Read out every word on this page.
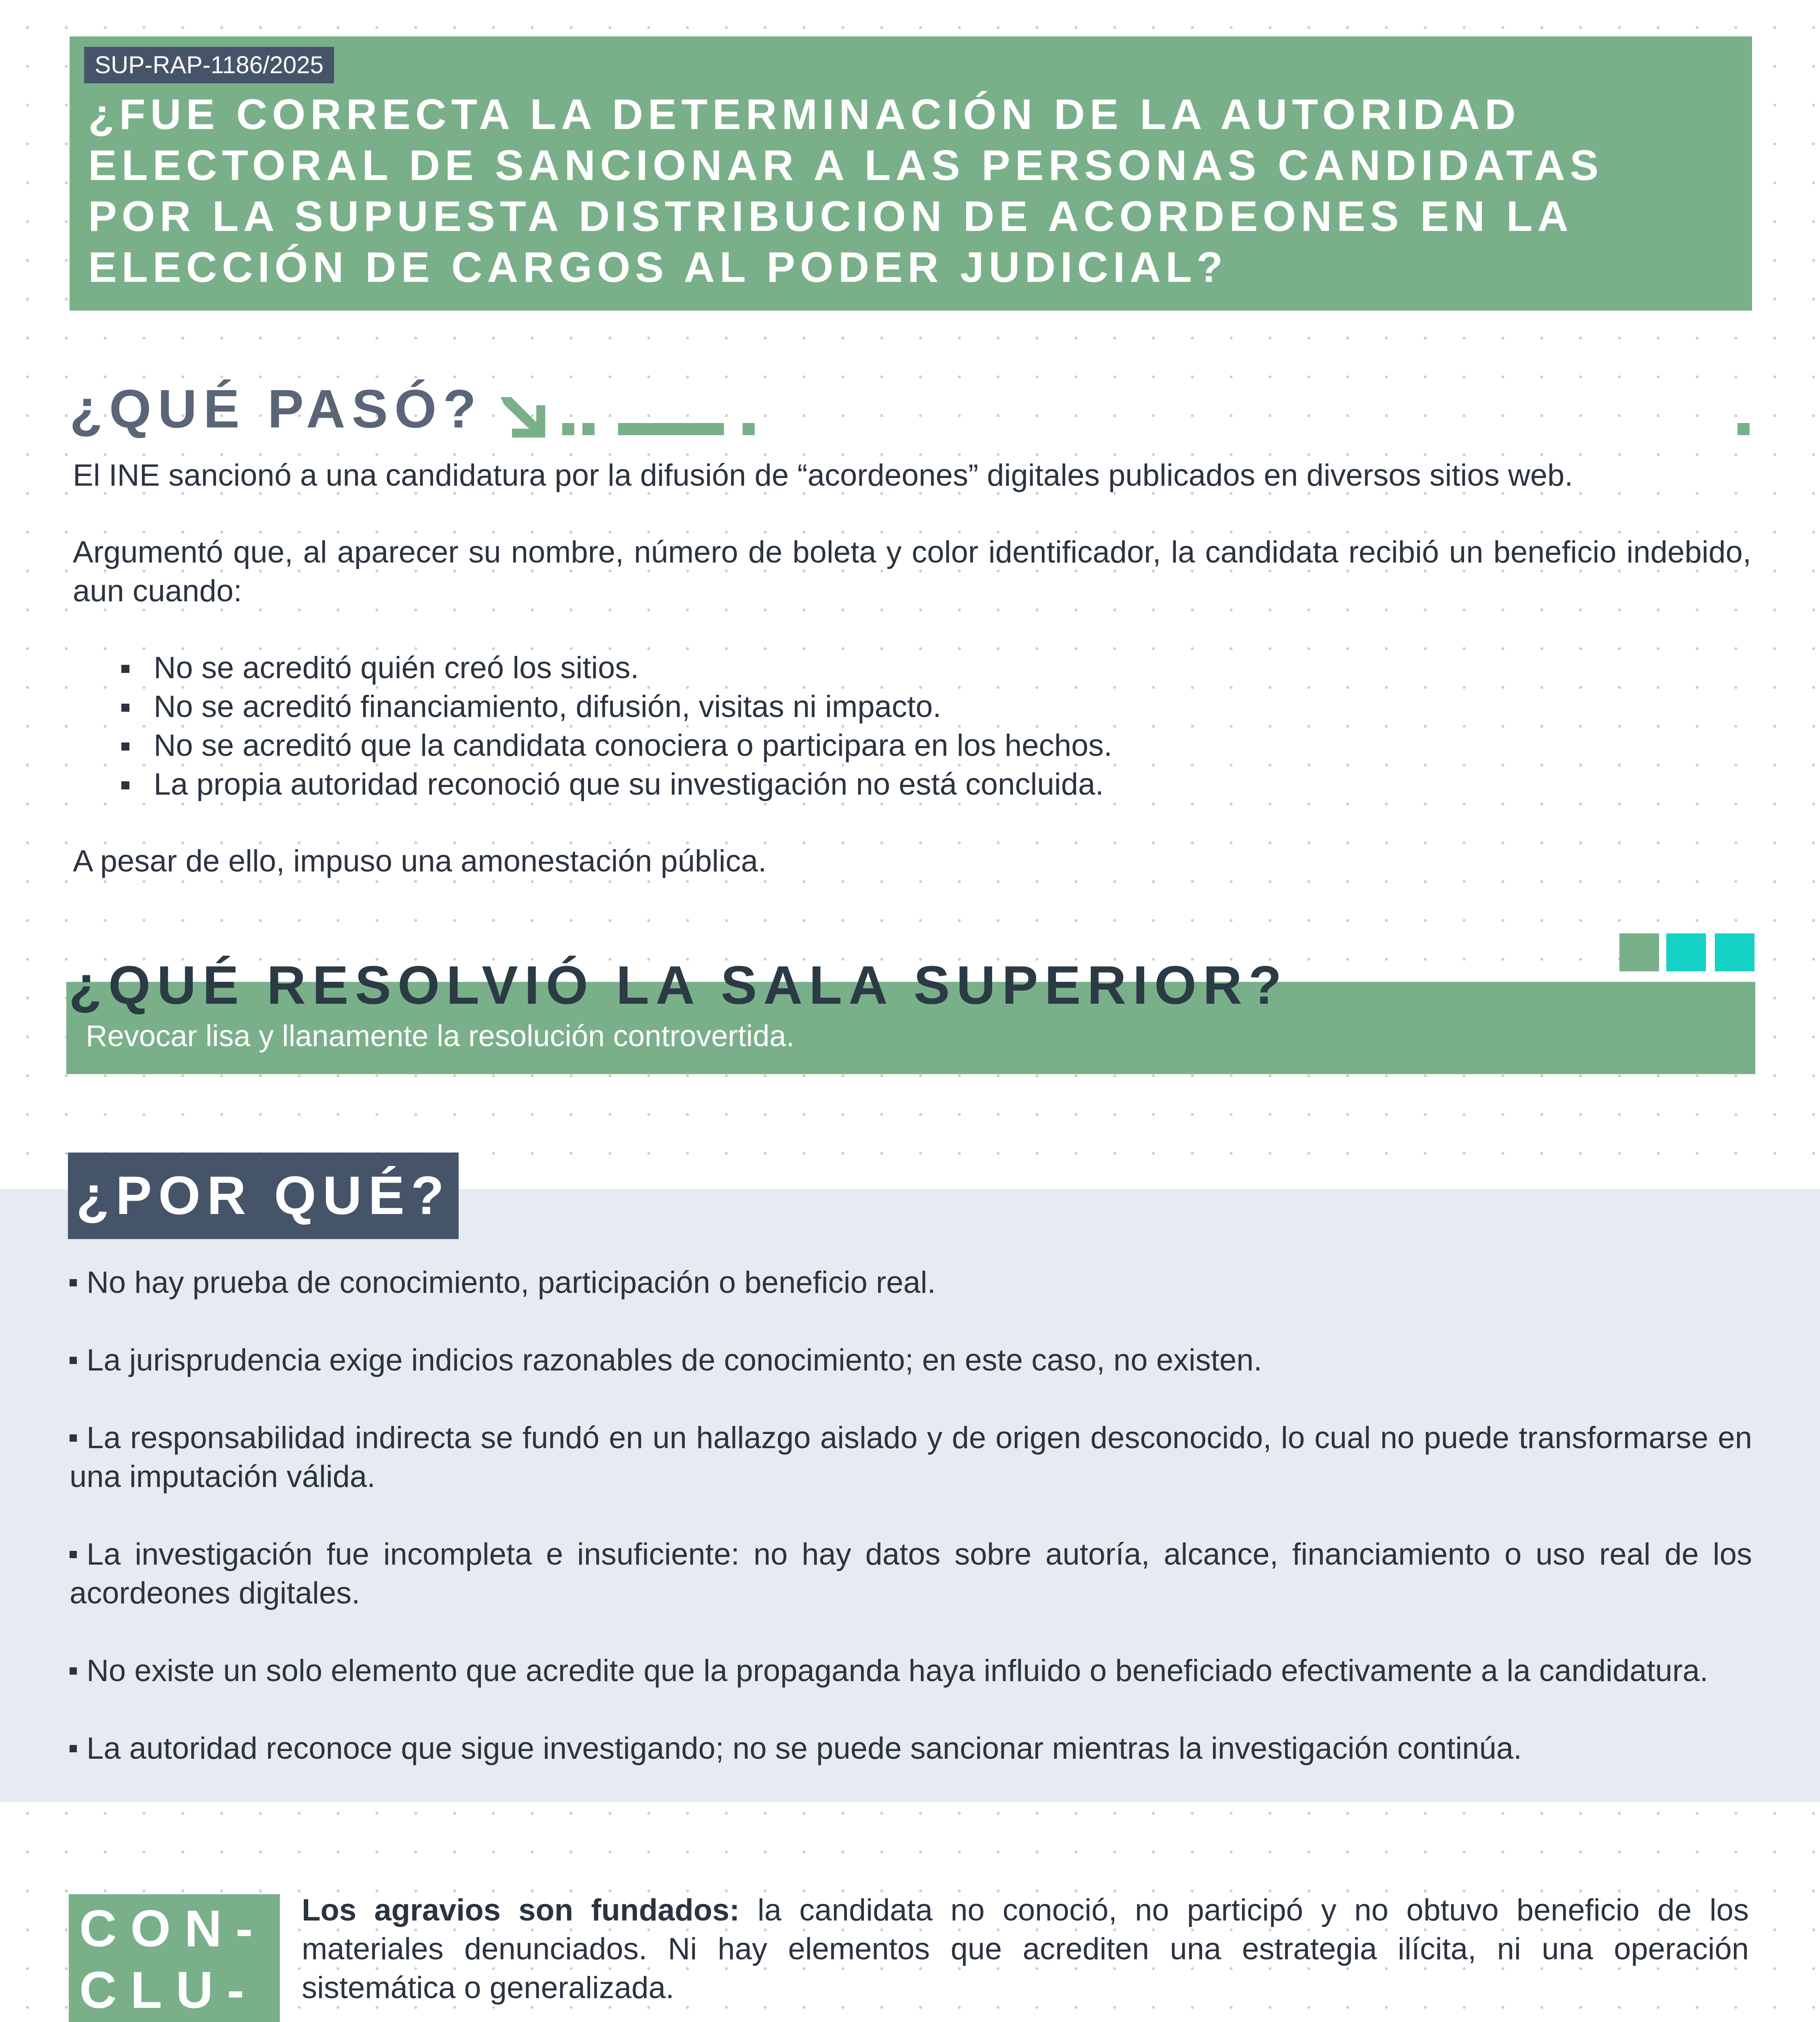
SUP-RAP-1186/2025
¿FUE CORRECTA LA DETERMINACIÓN DE LA AUTORIDAD
ELECTORAL DE SANCIONAR A LAS PERSONAS CANDIDATAS
POR LA SUPUESTA DISTRIBUCION DE ACORDEONES EN LA
ELECCIÓN DE CARGOS AL PODER JUDICIAL?
¿QUÉ PASÓ?
El INE sancionó a una candidatura por la difusión de “acordeones” digitales publicados en diversos sitios web.
Argumentó que, al aparecer su nombre, número de boleta y color identificador, la candidata recibió un beneficio indebido, aun cuando:
No se acreditó quién creó los sitios.
No se acreditó financiamiento, difusión, visitas ni impacto.
No se acreditó que la candidata conociera o participara en los hechos.
La propia autoridad reconoció que su investigación no está concluida.
A pesar de ello, impuso una amonestación pública.
¿QUÉ RESOLVIÓ LA SALA SUPERIOR?
Revocar lisa y llanamente la resolución controvertida.
¿POR QUÉ?
No hay prueba de conocimiento, participación o beneficio real.
La jurisprudencia exige indicios razonables de conocimiento; en este caso, no existen.
La responsabilidad indirecta se fundó en un hallazgo aislado y de origen desconocido, lo cual no puede transformarse en una imputación válida.
La investigación fue incompleta e insuficiente: no hay datos sobre autoría, alcance, financiamiento o uso real de los acordeones digitales.
No existe un solo elemento que acredite que la propaganda haya influido o beneficiado efectivamente a la candidatura.
La autoridad reconoce que sigue investigando; no se puede sancionar mientras la investigación continúa.
CON-
CLU-
Los agravios son fundados: la candidata no conoció, no participó y no obtuvo beneficio de los materiales denunciados. Ni hay elementos que acrediten una estrategia ilícita, ni una operación sistemática o generalizada.
